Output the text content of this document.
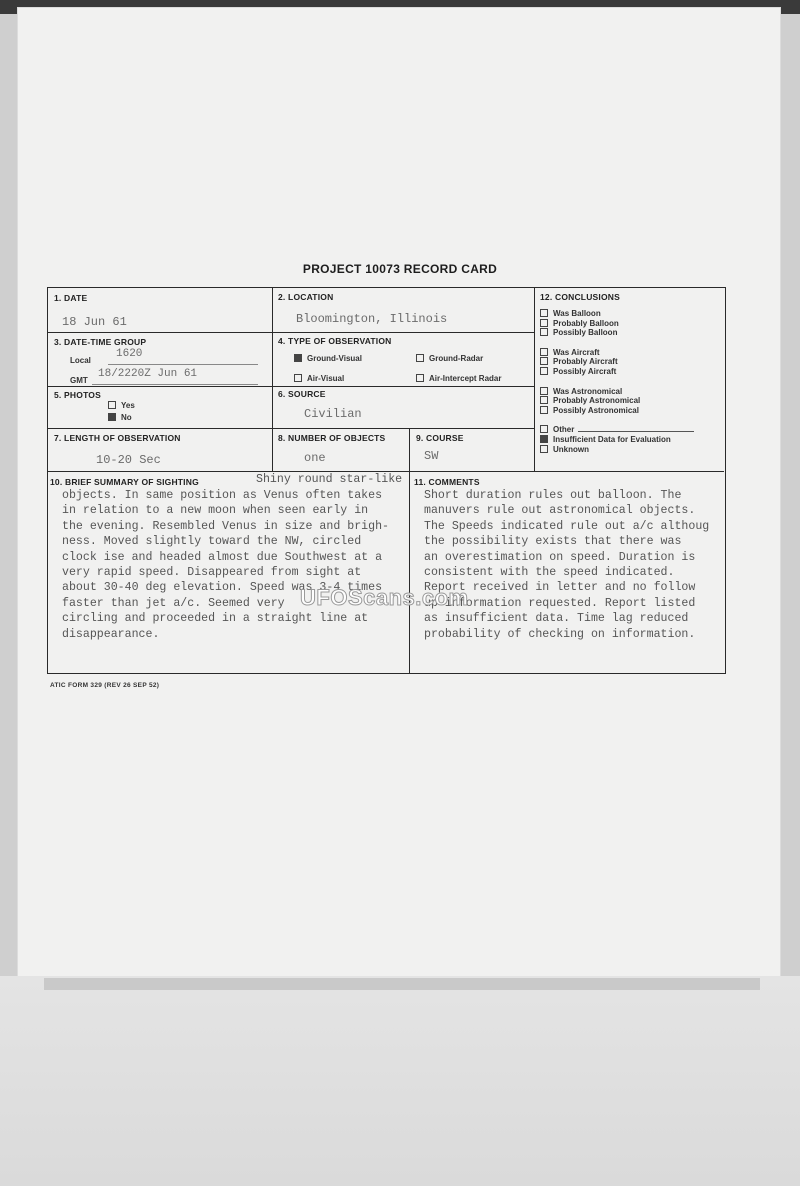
PROJECT 10073 RECORD CARD
1. DATE
18 Jun 61
2. LOCATION
Bloomington, Illinois
3. DATE-TIME GROUP
Local
1620
GMT
18/2220Z Jun 61
4. TYPE OF OBSERVATION
Ground-Visual	Ground-Radar
Air-Visual	Air-Intercept Radar
5. PHOTOS
Yes
No
6. SOURCE
Civilian
7. LENGTH OF OBSERVATION
10-20 Sec
8. NUMBER OF OBJECTS
one
9. COURSE
SW
12. CONCLUSIONS
Was Balloon
Probably Balloon
Possibly Balloon
Was Aircraft
Probably Aircraft
Possibly Aircraft
Was Astronomical
Probably Astronomical
Possibly Astronomical
Other
Insufficient Data for Evaluation
Unknown
10. BRIEF SUMMARY OF SIGHTING	Shiny round star-like
objects. In same position as Venus often takes
in relation to a new moon when seen early in
the evening. Resembled Venus in size and brigh-
ness. Moved slightly toward the NW, circled
clock ise and headed almost due Southwest at a
very rapid speed. Disappeared from sight at
about 30-40 deg elevation. Speed was 3-4 times
faster than jet a/c. Seemed very
circling and proceeded in a straight line at
disappearance.
11. COMMENTS
Short duration rules out balloon. The
manuvers rule out astronomical objects.
The Speeds indicated rule out a/c althoug
the possibility exists that there was
an overestimation on speed. Duration is
consistent with the speed indicated.
Report received in letter and no follow
up information requested. Report listed
as insufficient data. Time lag reduced
probability of checking on information.
ATIC FORM 329 (REV 26 SEP 52)
UFOScans.com
